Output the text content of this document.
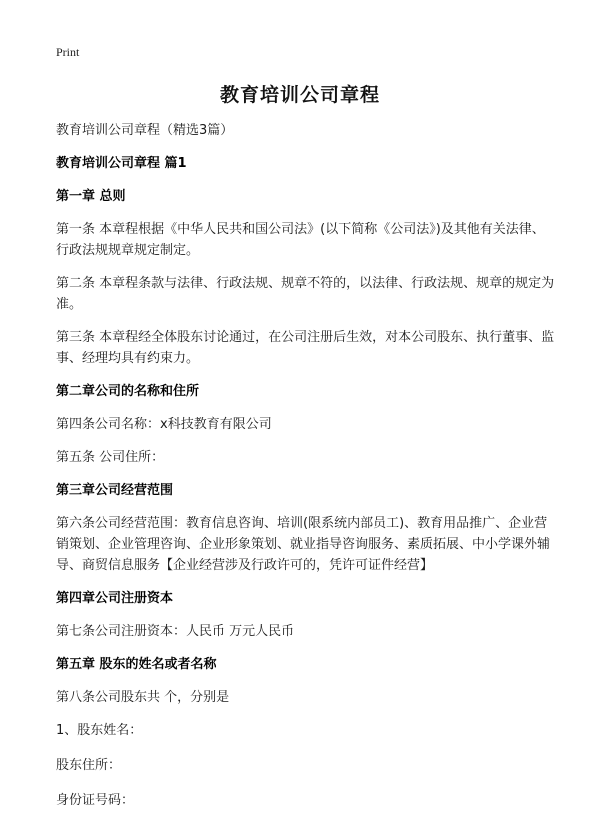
Print
教育培训公司章程

教育培训公司章程（精选3篇）

教育培训公司章程 篇1

第一章 总则

第一条 本章程根据《中华人民共和国公司法》(以下简称《公司法》)及其他有关法律、行政法规规章规定制定。

第二条 本章程条款与法律、行政法规、规章不符的，以法律、行政法规、规章的规定为准。

第三条 本章程经全体股东讨论通过，在公司注册后生效，对本公司股东、执行董事、监事、经理均具有约束力。

第二章公司的名称和住所

第四条公司名称：x科技教育有限公司

第五条 公司住所：

第三章公司经营范围

第六条公司经营范围：教育信息咨询、培训(限系统内部员工)、教育用品推广、企业营销策划、企业管理咨询、企业形象策划、就业指导咨询服务、素质拓展、中小学课外辅导、商贸信息服务【企业经营涉及行政许可的，凭许可证件经营】

第四章公司注册资本

第七条公司注册资本：人民币 万元人民币

第五章 股东的姓名或者名称

第八条公司股东共 个，分别是

1、股东姓名：

股东住所：

身份证号码：
